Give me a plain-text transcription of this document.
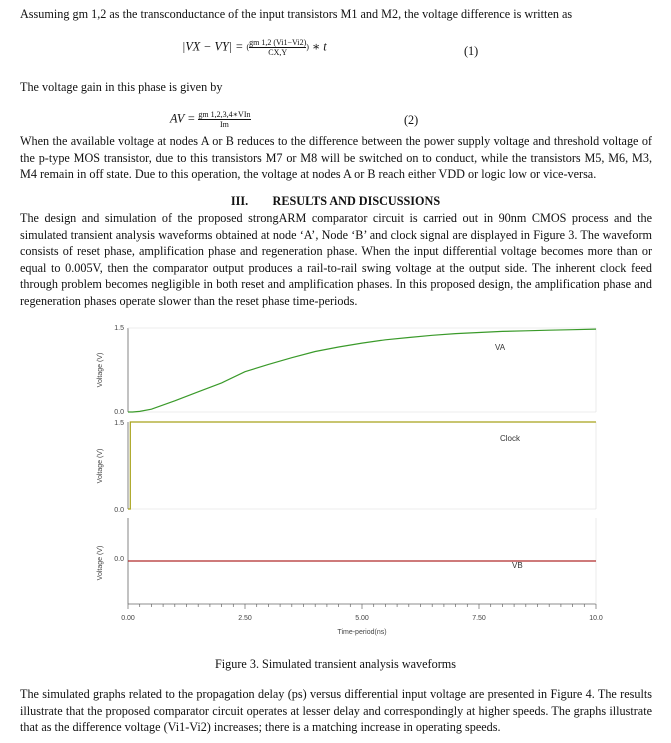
Assuming gm 1,2 as the transconductance of the input transistors M1 and M2, the voltage difference is written as

|VX − VY| = ( $\frac{gm 1,2 (Vi1-Vi2)}{CX,Y}$ ) ∗ t	(1)

The voltage gain in this phase is given by

AV = gm 1,2,3,4∗VIn
Im	(2)

When the available voltage at nodes A or B reduces to the difference between the power supply voltage and threshold voltage of the p-type MOS transistor, due to this transistors M7 or M8 will be switched on to conduct, while the transistors M5, M6, M3, M4 remain in off state. Due to this operation, the voltage at nodes A or B reach either VDD or logic low or vice-versa.

III.        RESULTS AND DISCUSSIONS

The design and simulation of the proposed strongARM comparator circuit is carried out in 90nm CMOS process and the simulated transient analysis waveforms obtained at node ‘A’, Node ‘B’ and clock signal are displayed in Figure 3. The waveform consists of reset phase, amplification phase and regeneration phase. When the input differential voltage becomes more than or equal to 0.005V, then the comparator output produces a rail-to-rail swing voltage at the output side. The inherent clock feed through problem becomes negligible in both reset and amplification phases. In this proposed design, the amplification phase and regeneration phases operate slower than the reset phase time-periods.

1.5
0.0
Voltage (V)
VA
1.5
0.0
Voltage (V)
Clock
0.0
Voltage (V)	VB
0.00	2.50	5.00	7.50	10.0
Time-period(ns)
Figure 3. Simulated transient analysis waveforms

The simulated graphs related to the propagation delay (ps) versus differential input voltage are presented in Figure 4. The results illustrate that the proposed comparator circuit operates at lesser delay and correspondingly at higher speeds. The graphs illustrate that as the difference voltage (Vi1-Vi2) increases; there is a matching increase in operating speeds.
